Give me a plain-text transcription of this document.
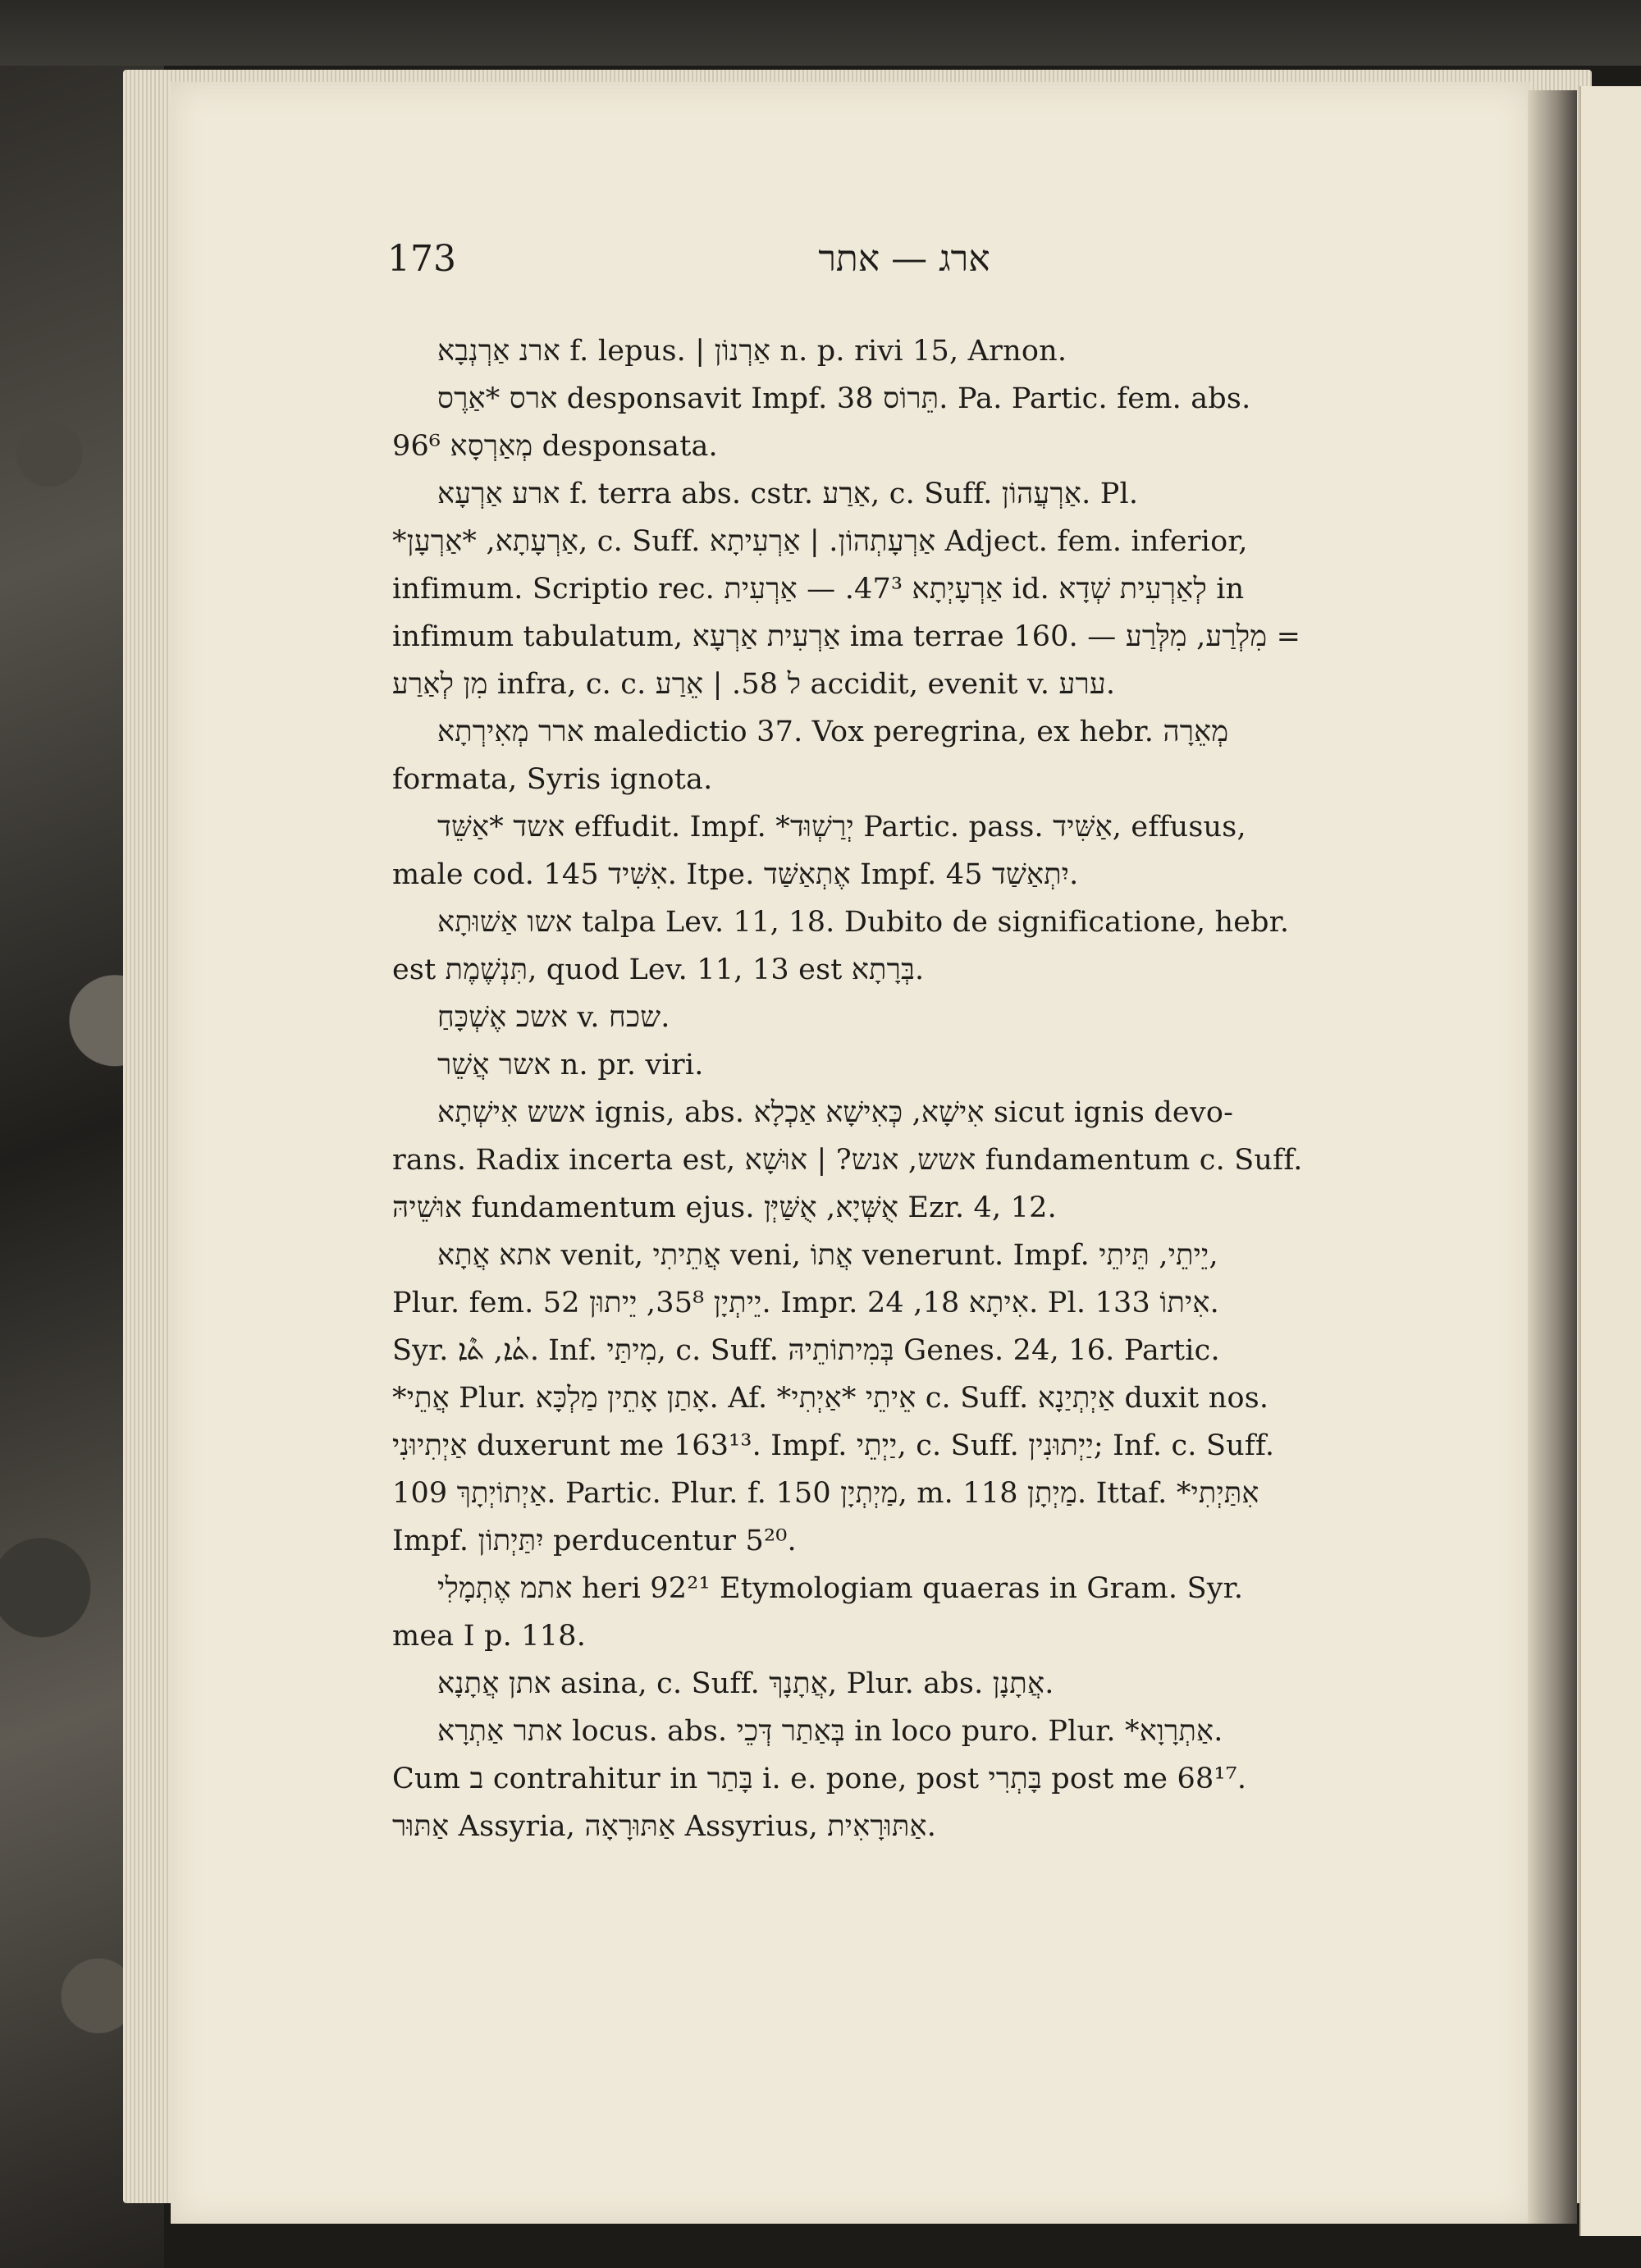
173	ארג — אתר
ארנ אַרְנְבָא f. lepus. | אַרְנוֹן n. p. rivi 15, Arnon.
ארס *אַרֶס desponsavit Impf. תֵּרוֹס 38. Pa. Partic. fem. abs.
מְאַרְסָא 96⁶ desponsata.
ארע אַרְעָא f. terra abs. cstr. אַרַע, c. Suff. אַרְעֲהוֹן. Pl.
*אַרְעָתָא, *אַרְעָן, c. Suff. אַרְעָתְהוֹן. | אַרְעִיתָא Adject. fem. inferior,
infimum. Scriptio rec. אַרְעָיְתָא 47³. — אַרְעִית id. לְאַרְעִית שְׁדָא in
infimum tabulatum, אַרְעִית אַרְעָא ima terrae 160. — מִלְרַע, מִלְּרַע =
מִן לְאַרַע infra, c. c. ל 58. | אֵרַע accidit, evenit v. ערע.
ארר מְאִירְתָא maledictio 37. Vox peregrina, ex hebr. מְאֵרָה
formata, Syris ignota.
אשד *אַשֵּׁד effudit. Impf. *יְרַשְׁוּד Partic. pass. אַשִּׁיד, effusus,
male cod. אִשִּׁיד 145. Itpe. אֶתְאַשַּׁד Impf. יִתְאַשַׁד 45.
אשו אַשׁוּתָא talpa Lev. 11, 18. Dubito de significatione, hebr.
est תִּנְשֶׁמֶת, quod Lev. 11, 13 est בְּרָתָא.
אשכ אֶשְׁכָּחַ v. שכח.
אשר אֲשֵׁר n. pr. viri.
אשש אִישְׁתָא ignis, abs. אִישָׁא, כְּאִישָׁא אַכְלָא sicut ignis devo-
rans. Radix incerta est, אשש, אנש? | אוּשָׁא fundamentum c. Suff.
אוּשֵׁיהּ fundamentum ejus. אֻשְּׁיָא, אֻשַּׁיְּן Ezr. 4, 12.
אתא אֲתָא venit, אֲתֵיתִי veni, אֲתוֹ venerunt. Impf. יֵיתֵי, תֵּיתֵי,
Plur. fem. יֵיתְיָן 35⁸, יֵיתוּן 52. Impr. אִיתָא 18, 24. Pl. אִיתוֹ 133.
Syr. ܬܳܐ, ܬܶܐ. Inf. מִיתַּי, c. Suff. בְּמִיתוֹתֵיהּ Genes. 24, 16. Partic.
*אֲתֵי Plur. אָתַן אָתֵין מַלְכָּא. Af. *אֵיתֵי *אַיְתִי c. Suff. אַיְתְיַנָא duxit nos.
אַיְתִיוּנִי duxerunt me 163¹³. Impf. יַיְתֵי, c. Suff. יַיְתוּנִין; Inf. c. Suff.
אַיְתוֹיְתָךְ 109. Partic. Plur. f. מַיְתְיָן 150, m. מַיְתָן 118. Ittaf. *אִתַּיְתִי
Impf. יִתַּיְתוֹן perducentur 5²⁰.
אתמ אֶתְמָלִי heri 92²¹ Etymologiam quaeras in Gram. Syr.
mea I p. 118.
אתן אֲתָנָא asina, c. Suff. אֲתָנָךְ, Plur. abs. אֲתָנָן.
אתר אַתְרָא locus. abs. בְּאַתַר דְּכֵי in loco puro. Plur. *אַתְרָוָא.
Cum ב contrahitur in בָּתַר i. e. pone, post בָּתְרִי post me 68¹⁷.
אַתּוּר Assyria, אַתּוּרָאָה Assyrius, אַתּוּרָאִית.
